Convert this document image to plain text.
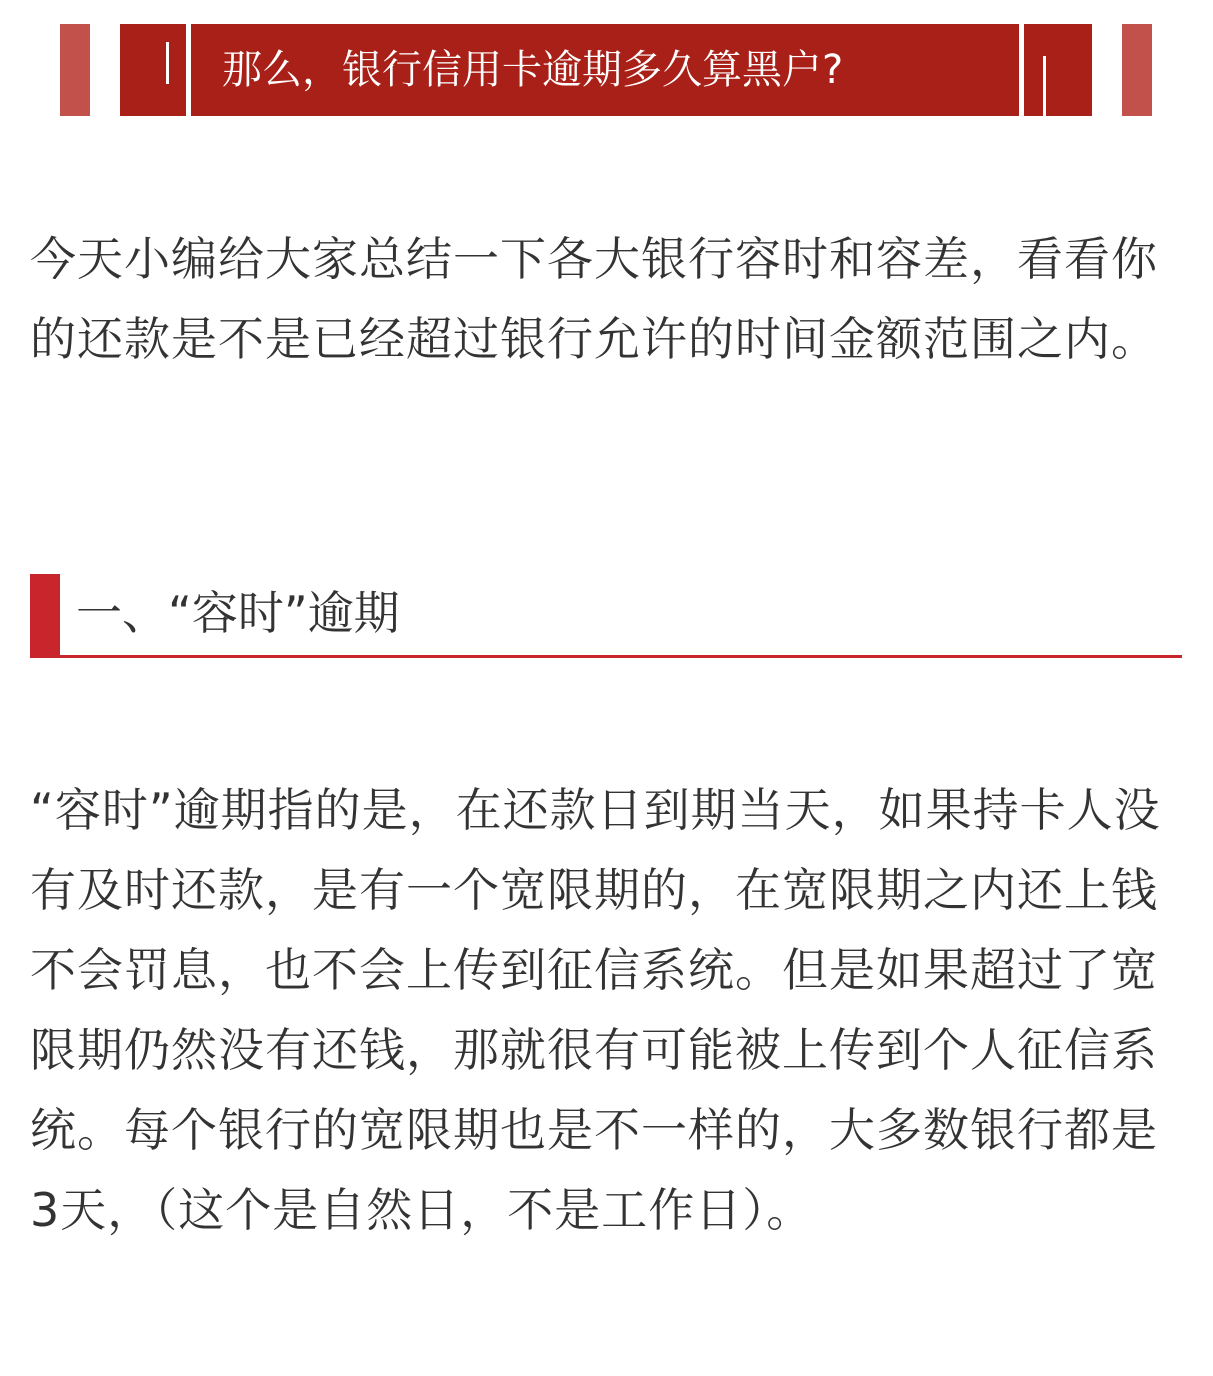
那么，银行信用卡逾期多久算黑户?

今天小编给大家总结一下各大银行容时和容差，看看你的还款是不是已经超过银行允许的时间金额范围之内。

一、“容时”逾期

“容时”逾期指的是，在还款日到期当天，如果持卡人没有及时还款，是有一个宽限期的，在宽限期之内还上钱不会罚息，也不会上传到征信系统。但是如果超过了宽限期仍然没有还钱，那就很有可能被上传到个人征信系统。每个银行的宽限期也是不一样的，大多数银行都是3天，（这个是自然日，不是工作日）。
